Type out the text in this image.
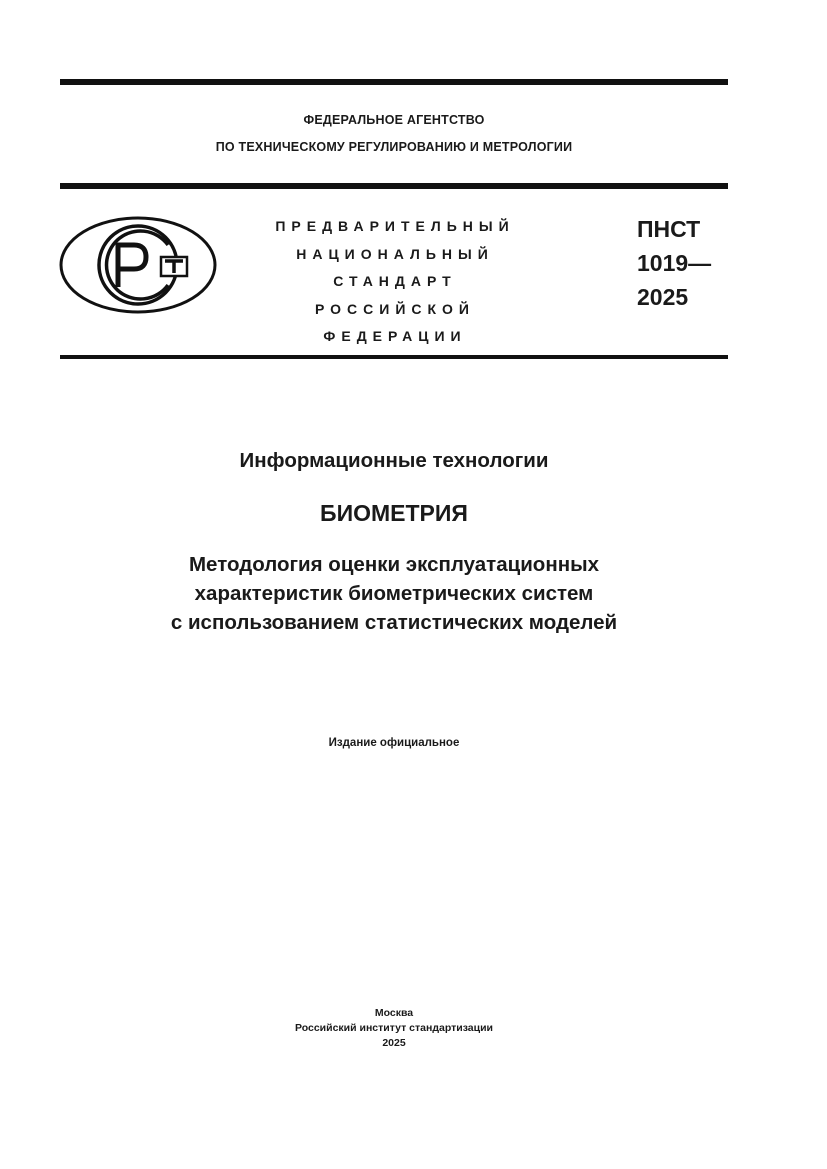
ФЕДЕРАЛЬНОЕ АГЕНТСТВО
ПО ТЕХНИЧЕСКОМУ РЕГУЛИРОВАНИЮ И МЕТРОЛОГИИ
ПРЕДВАРИТЕЛЬНЫЙ
НАЦИОНАЛЬНЫЙ
СТАНДАРТ
РОССИЙСКОЙ
ФЕДЕРАЦИИ
ПНСТ
1019—
2025
Информационные технологии
БИОМЕТРИЯ
Методология оценки эксплуатационных
характеристик биометрических систем
с использованием статистических моделей
Издание официальное
Москва
Российский институт стандартизации
2025
